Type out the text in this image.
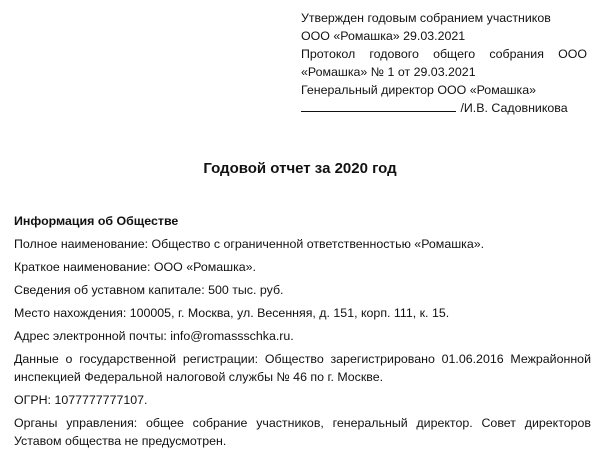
Утвержден годовым собранием участников
ООО «Ромашка» 29.03.2021
Протокол годового общего собрания ООО
«Ромашка» № 1 от 29.03.2021
Генеральный директор ООО «Ромашка»
/И.В. Садовникова
Годовой отчет за 2020 год

Информация об Обществе

Полное наименование: Общество с ограниченной ответственностью «Ромашка».

Краткое наименование: ООО «Ромашка».

Сведения об уставном капитале: 500 тыс. руб.

Место нахождения: 100005, г. Москва, ул. Весенняя, д. 151, корп. 111, к. 15.

Адрес электронной почты: info@romassschka.ru.

Данные о государственной регистрации: Общество зарегистрировано 01.06.2016 Межрайонной инспекцией Федеральной налоговой службы № 46 по г. Москве.

ОГРН: 1077777777107.

Органы управления: общее собрание участников, генеральный директор. Совет директоров Уставом общества не предусмотрен.
